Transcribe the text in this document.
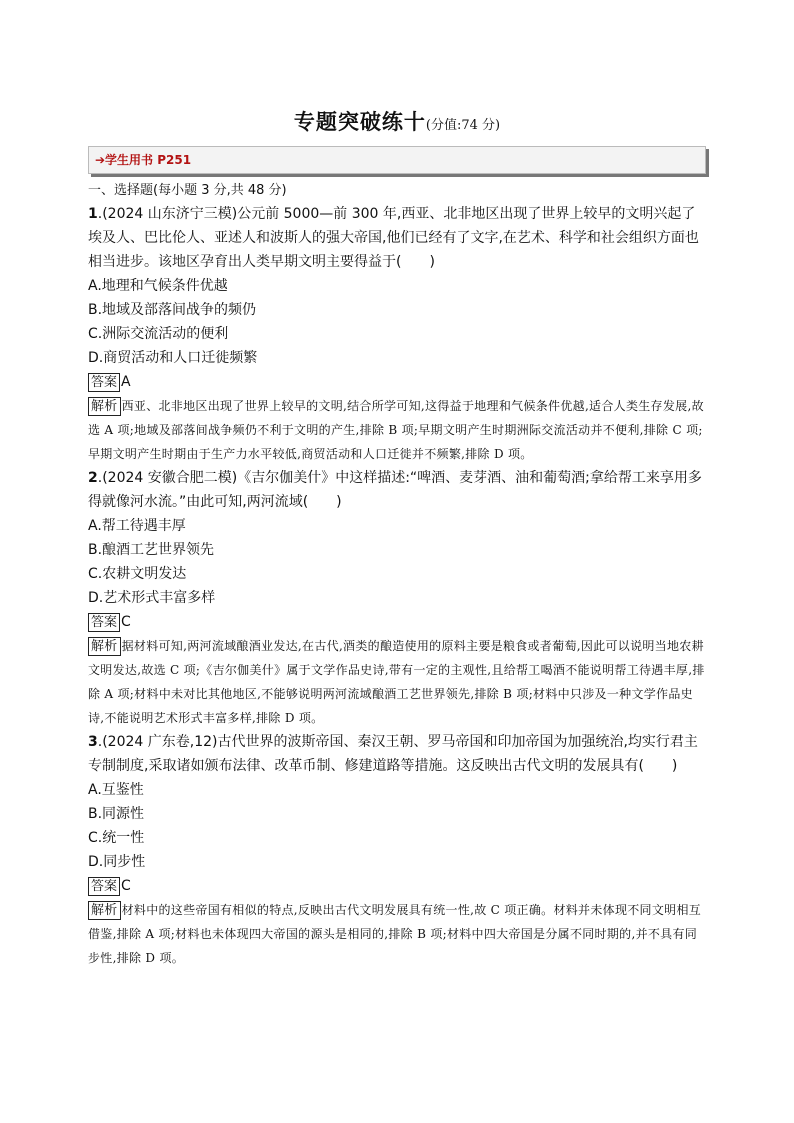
专题突破练十(分值:74 分)
➔学生用书 P251

一、选择题(每小题 3 分,共 48 分)

1.(2024 山东济宁三模)公元前 5000—前 300 年,西亚、北非地区出现了世界上较早的文明兴起了埃及人、巴比伦人、亚述人和波斯人的强大帝国,他们已经有了文字,在艺术、科学和社会组织方面也相当进步。该地区孕育出人类早期文明主要得益于(　　)

A.地理和气候条件优越

B.地域及部落间战争的频仍

C.洲际交流活动的便利

D.商贸活动和人口迁徙频繁

答案 A

解析 西亚、北非地区出现了世界上较早的文明,结合所学可知,这得益于地理和气候条件优越,适合人类生存发展,故选 A 项;地域及部落间战争频仍不利于文明的产生,排除 B 项;早期文明产生时期洲际交流活动并不便利,排除 C 项;早期文明产生时期由于生产力水平较低,商贸活动和人口迁徙并不频繁,排除 D 项。

2.(2024 安徽合肥二模)《吉尔伽美什》中这样描述:“啤酒、麦芽酒、油和葡萄酒;拿给帮工来享用多得就像河水流。”由此可知,两河流域(　　)

A.帮工待遇丰厚

B.酿酒工艺世界领先

C.农耕文明发达

D.艺术形式丰富多样

答案 C

解析 据材料可知,两河流域酿酒业发达,在古代,酒类的酿造使用的原料主要是粮食或者葡萄,因此可以说明当地农耕文明发达,故选 C 项;《吉尔伽美什》属于文学作品史诗,带有一定的主观性,且给帮工喝酒不能说明帮工待遇丰厚,排除 A 项;材料中未对比其他地区,不能够说明两河流域酿酒工艺世界领先,排除 B 项;材料中只涉及一种文学作品史诗,不能说明艺术形式丰富多样,排除 D 项。

3.(2024 广东卷,12)古代世界的波斯帝国、秦汉王朝、罗马帝国和印加帝国为加强统治,均实行君主专制制度,采取诸如颁布法律、改革币制、修建道路等措施。这反映出古代文明的发展具有(　　)

A.互鉴性

B.同源性

C.统一性

D.同步性

答案 C

解析 材料中的这些帝国有相似的特点,反映出古代文明发展具有统一性,故 C 项正确。材料并未体现不同文明相互借鉴,排除 A 项;材料也未体现四大帝国的源头是相同的,排除 B 项;材料中四大帝国是分属不同时期的,并不具有同步性,排除 D 项。
